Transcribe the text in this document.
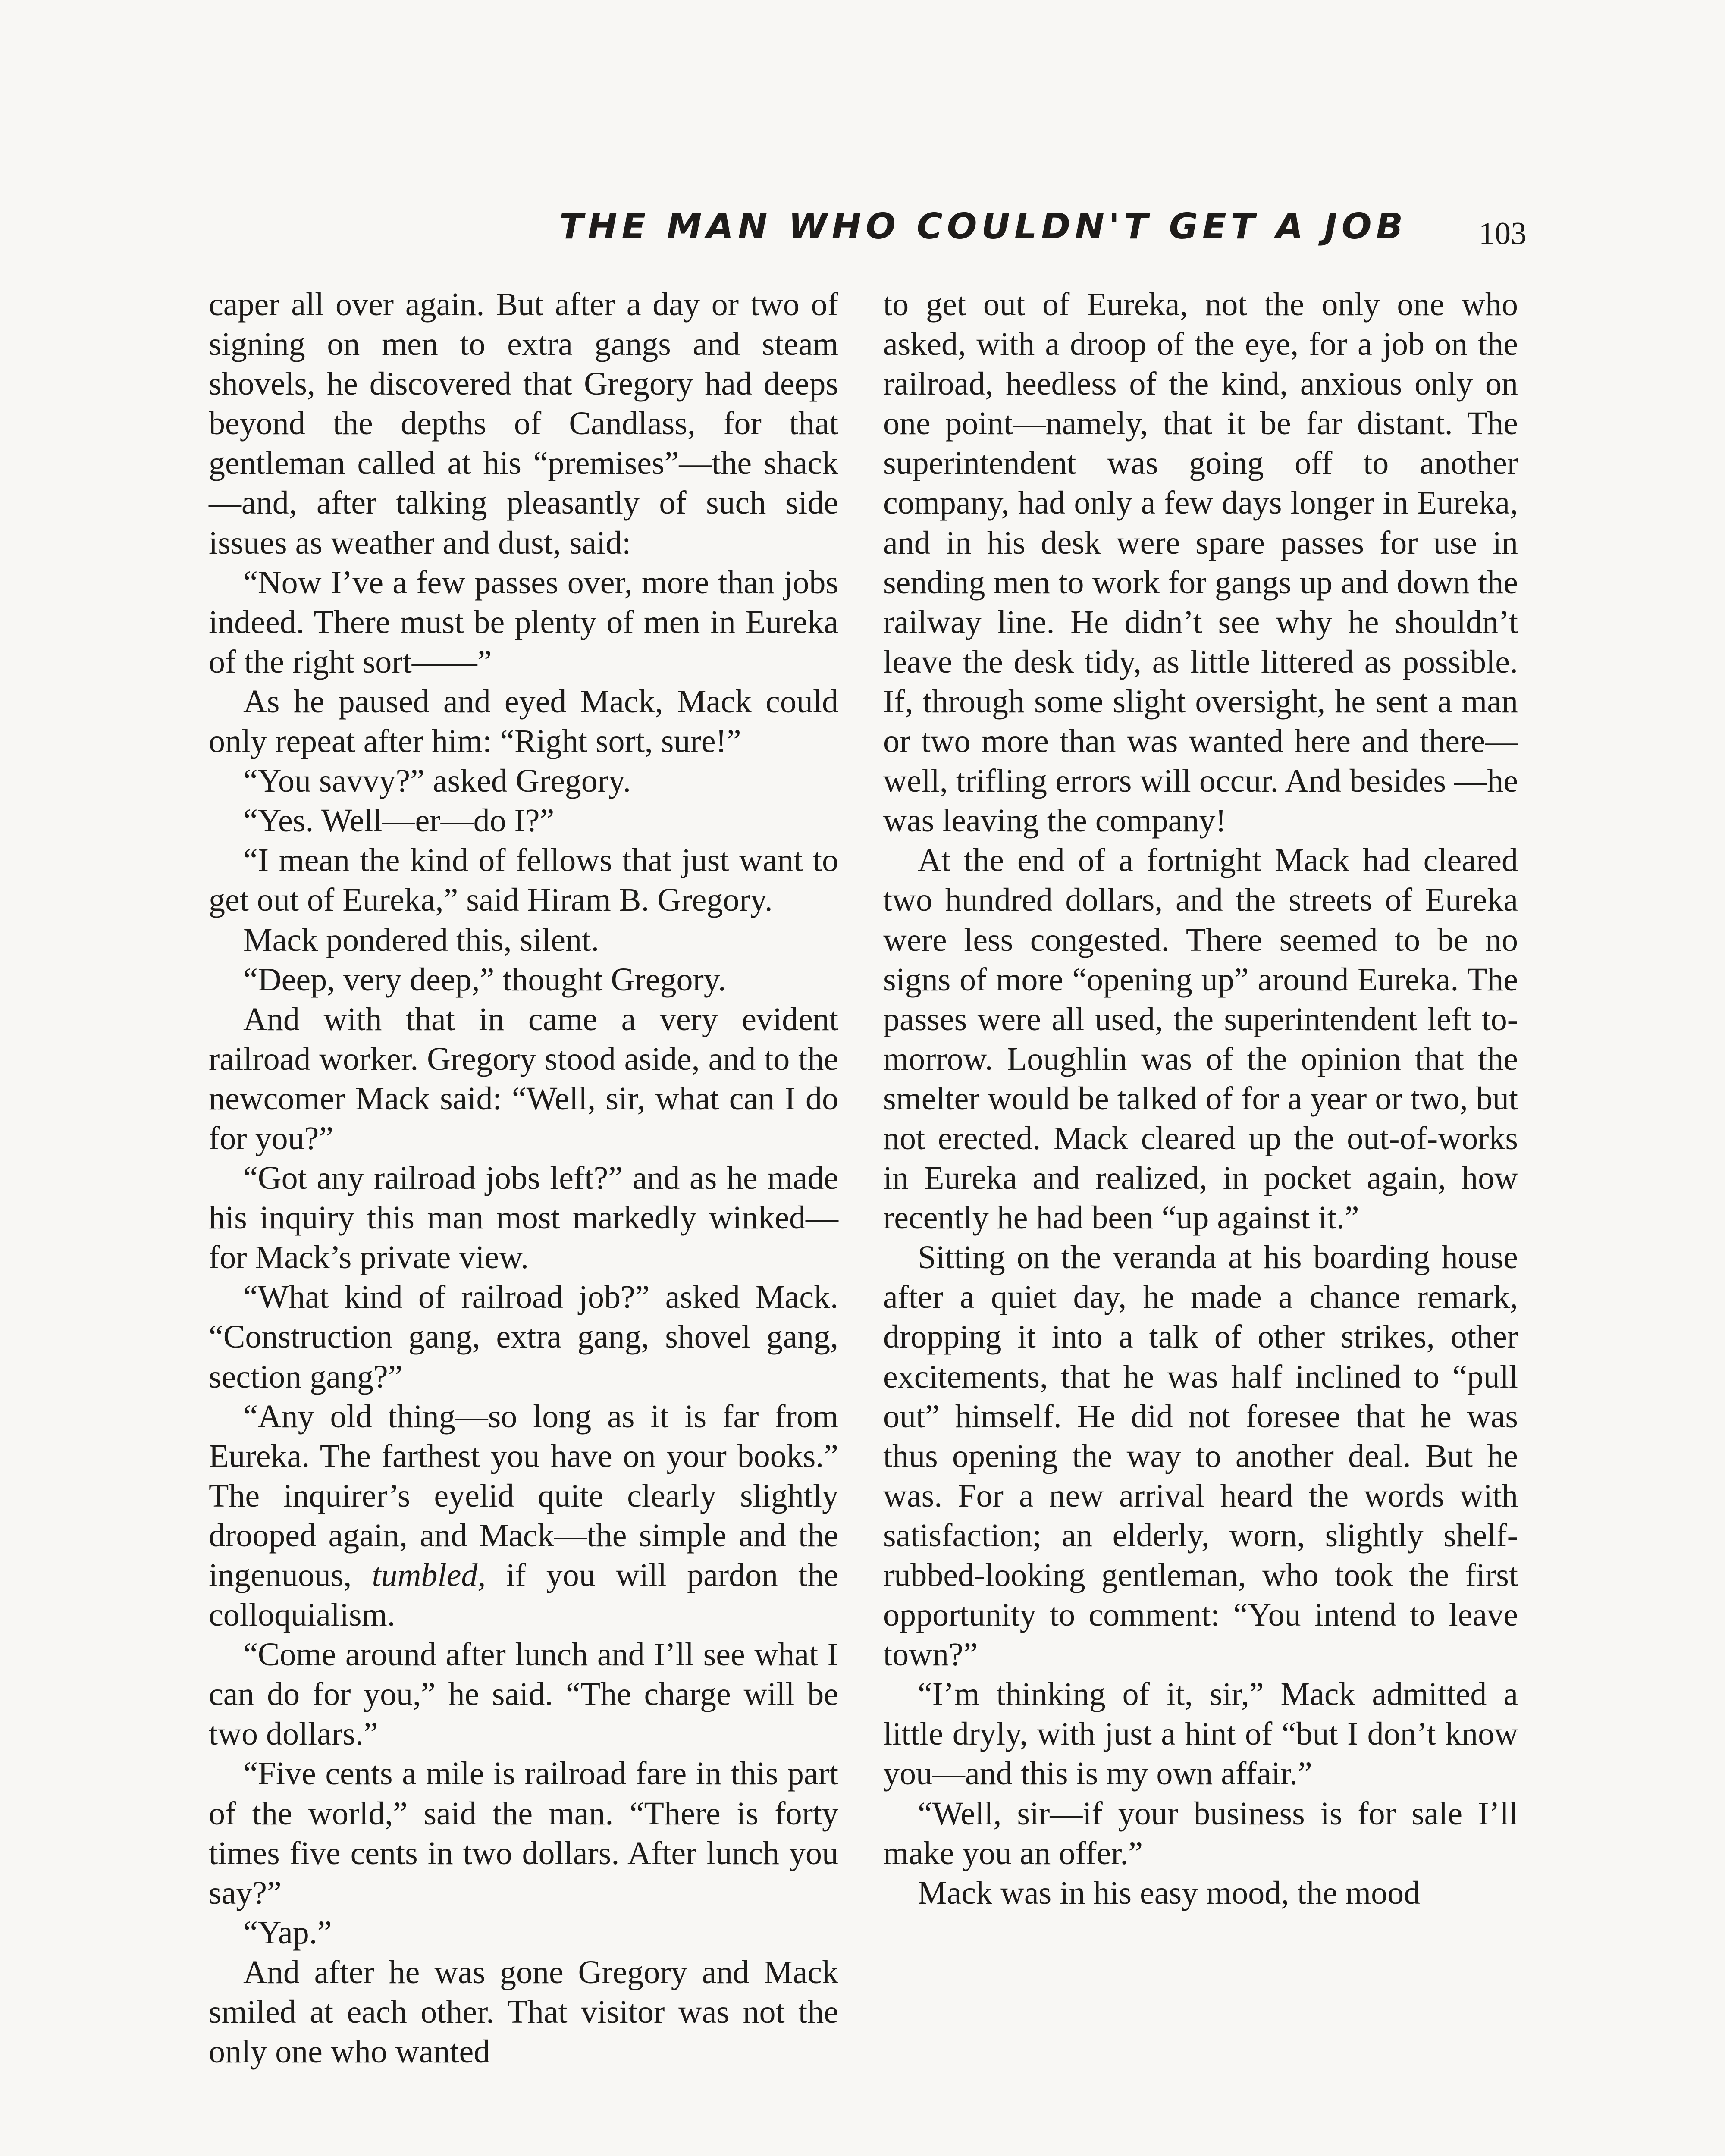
THE MAN WHO COULDN'T GET A JOB	103

caper all over again. But after a day or two of signing on men to extra gangs and steam shovels, he discovered that Gregory had deeps beyond the depths of Candlass, for that gentleman called at his “premises”—the shack—and, after talking pleasantly of such side issues as weather and dust, said:

“Now I’ve a few passes over, more than jobs indeed. There must be plenty of men in Eureka of the right sort——”

As he paused and eyed Mack, Mack could only repeat after him: “Right sort, sure!”

“You savvy?” asked Gregory.

“Yes. Well—er—do I?”

“I mean the kind of fellows that just want to get out of Eureka,” said Hiram B. Gregory.

Mack pondered this, silent.

“Deep, very deep,” thought Gregory.

And with that in came a very evident railroad worker. Gregory stood aside, and to the newcomer Mack said: “Well, sir, what can I do for you?”

“Got any railroad jobs left?” and as he made his inquiry this man most markedly winked—for Mack’s private view.

“What kind of railroad job?” asked Mack. “Construction gang, extra gang, shovel gang, section gang?”

“Any old thing—so long as it is far from Eureka. The farthest you have on your books.” The inquirer’s eyelid quite clearly slightly drooped again, and Mack—the simple and the ingenuous, tumbled, if you will pardon the colloquialism.

“Come around after lunch and I’ll see what I can do for you,” he said. “The charge will be two dollars.”

“Five cents a mile is railroad fare in this part of the world,” said the man. “There is forty times five cents in two dollars. After lunch you say?”

“Yap.”

And after he was gone Gregory and Mack smiled at each other. That visitor was not the only one who wanted

to get out of Eureka, not the only one who asked, with a droop of the eye, for a job on the railroad, heedless of the kind, anxious only on one point—namely, that it be far distant. The superintendent was going off to another company, had only a few days longer in Eureka, and in his desk were spare passes for use in sending men to work for gangs up and down the railway line. He didn’t see why he shouldn’t leave the desk tidy, as little littered as possible. If, through some slight oversight, he sent a man or two more than was wanted here and there—well, trifling errors will occur. And besides —he was leaving the company!

At the end of a fortnight Mack had cleared two hundred dollars, and the streets of Eureka were less congested. There seemed to be no signs of more “opening up” around Eureka. The passes were all used, the superintendent left to-morrow. Loughlin was of the opinion that the smelter would be talked of for a year or two, but not erected. Mack cleared up the out-of-works in Eureka and realized, in pocket again, how recently he had been “up against it.”

Sitting on the veranda at his boarding house after a quiet day, he made a chance remark, dropping it into a talk of other strikes, other excitements, that he was half inclined to “pull out” himself. He did not foresee that he was thus opening the way to another deal. But he was. For a new arrival heard the words with satisfaction; an elderly, worn, slightly shelf-rubbed-looking gentleman, who took the first opportunity to comment: “You intend to leave town?”

“I’m thinking of it, sir,” Mack admitted a little dryly, with just a hint of “but I don’t know you—and this is my own affair.”

“Well, sir—if your business is for sale I’ll make you an offer.”

Mack was in his easy mood, the mood
